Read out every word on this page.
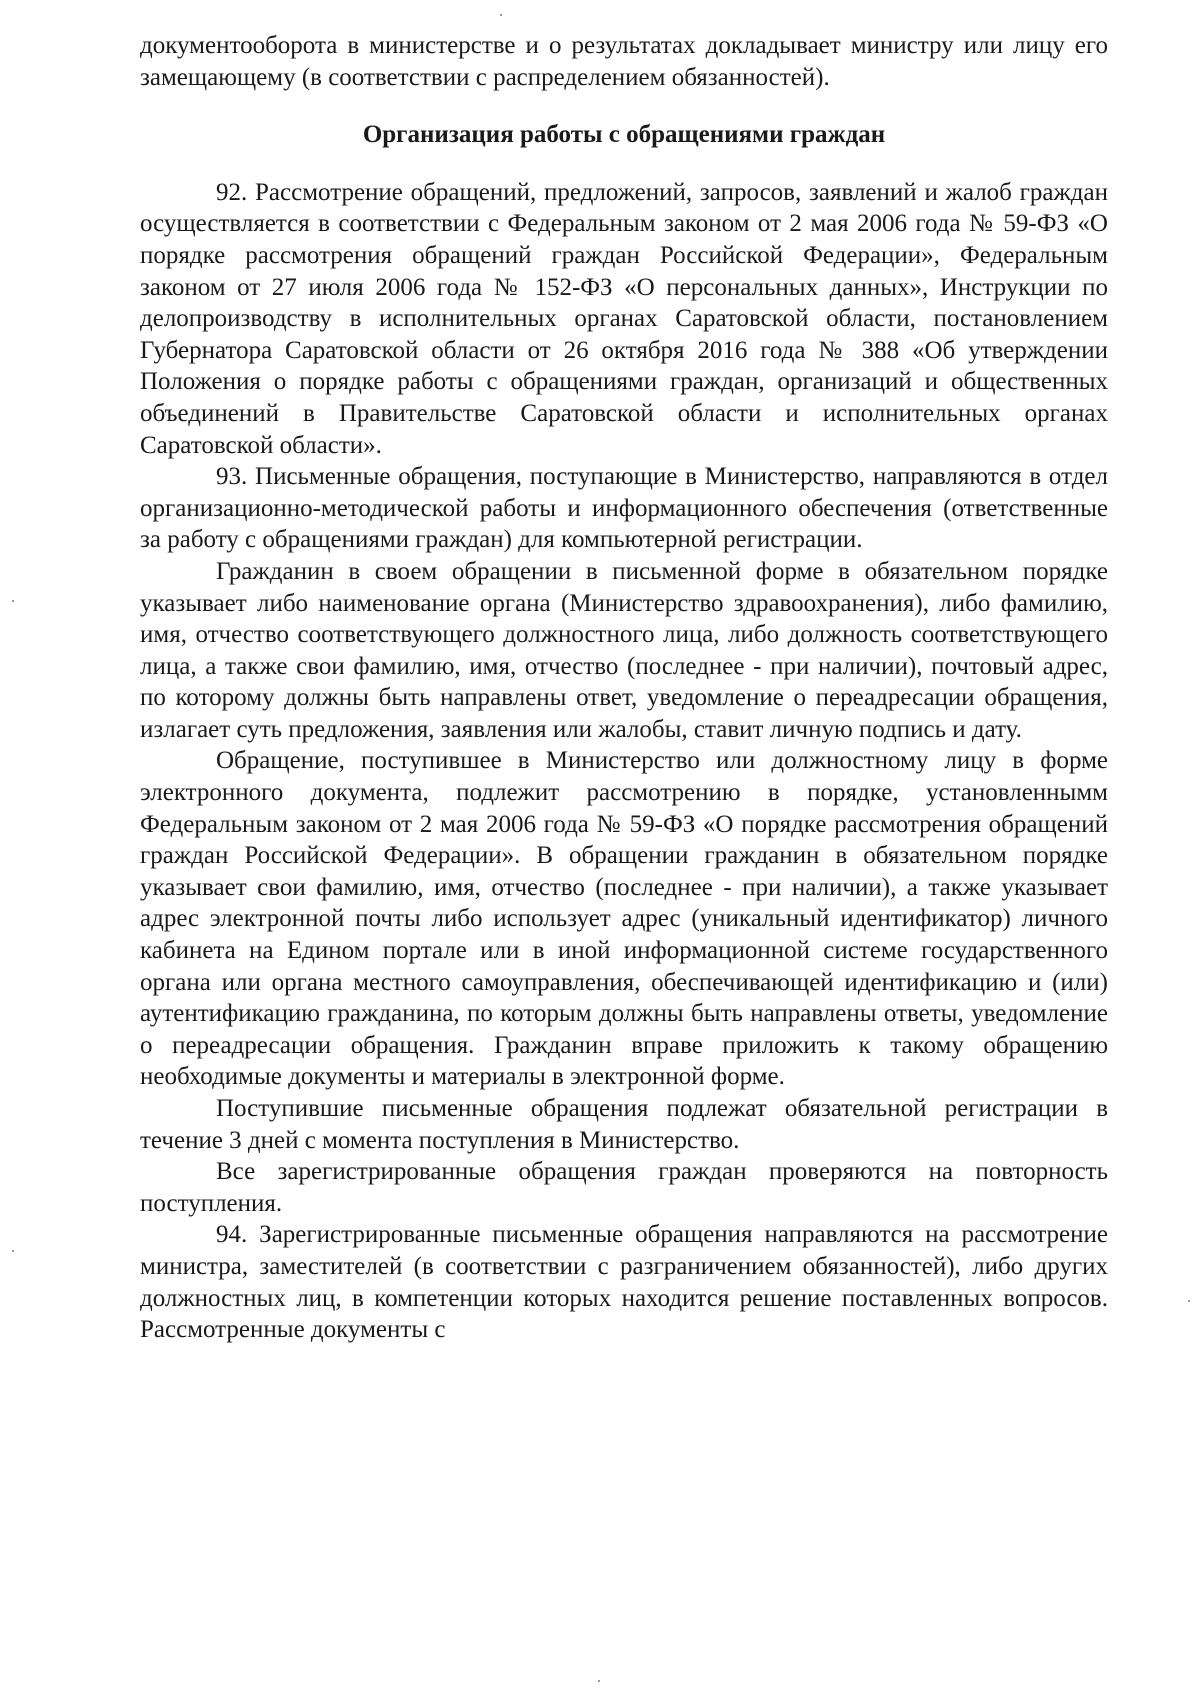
документооборота в министерстве и о результатах докладывает министру или лицу его замещающему (в соответствии с распределением обязанностей).

Организация работы с обращениями граждан

92. Рассмотрение обращений, предложений, запросов, заявлений и жалоб граждан осуществляется в соответствии с Федеральным законом от 2 мая 2006 года № 59-ФЗ «О порядке рассмотрения обращений граждан Российской Федерации», Федеральным законом от 27 июля 2006 года № 152-ФЗ «О персональных данных», Инструкции по делопроизводству в исполнительных органах Саратовской области, постановлением Губернатора Саратовской области от 26 октября 2016 года № 388 «Об утверждении Положения о порядке работы с обращениями граждан, организаций и общественных объединений в Правительстве Саратовской области и исполнительных органах Саратовской области».

93. Письменные обращения, поступающие в Министерство, направляются в отдел организационно-методической работы и информационного обеспечения (ответственные за работу с обращениями граждан) для компьютерной регистрации.

Гражданин в своем обращении в письменной форме в обязательном порядке указывает либо наименование органа (Министерство здравоохранения), либо фамилию, имя, отчество соответствующего должностного лица, либо должность соответствующего лица, а также свои фамилию, имя, отчество (последнее - при наличии), почтовый адрес, по которому должны быть направлены ответ, уведомление о переадресации обращения, излагает суть предложения, заявления или жалобы, ставит личную подпись и дату.

Обращение, поступившее в Министерство или должностному лицу в форме электронного документа, подлежит рассмотрению в порядке, установленнымм Федеральным законом от 2 мая 2006 года № 59-ФЗ «О порядке рассмотрения обращений граждан Российской Федерации». В обращении гражданин в обязательном порядке указывает свои фамилию, имя, отчество (последнее - при наличии), а также указывает адрес электронной почты либо использует адрес (уникальный идентификатор) личного кабинета на Едином портале или в иной информационной системе государственного органа или органа местного самоуправления, обеспечивающей идентификацию и (или) аутентификацию гражданина, по которым должны быть направлены ответы, уведомление о переадресации обращения. Гражданин вправе приложить к такому обращению необходимые документы и материалы в электронной форме.

Поступившие письменные обращения подлежат обязательной регистрации в течение 3 дней с момента поступления в Министерство.

Все зарегистрированные обращения граждан проверяются на повторность поступления.

94. Зарегистрированные письменные обращения направляются на рассмотрение министра, заместителей (в соответствии с разграничением обязанностей), либо других должностных лиц, в компетенции которых находится решение поставленных вопросов. Рассмотренные документы с
